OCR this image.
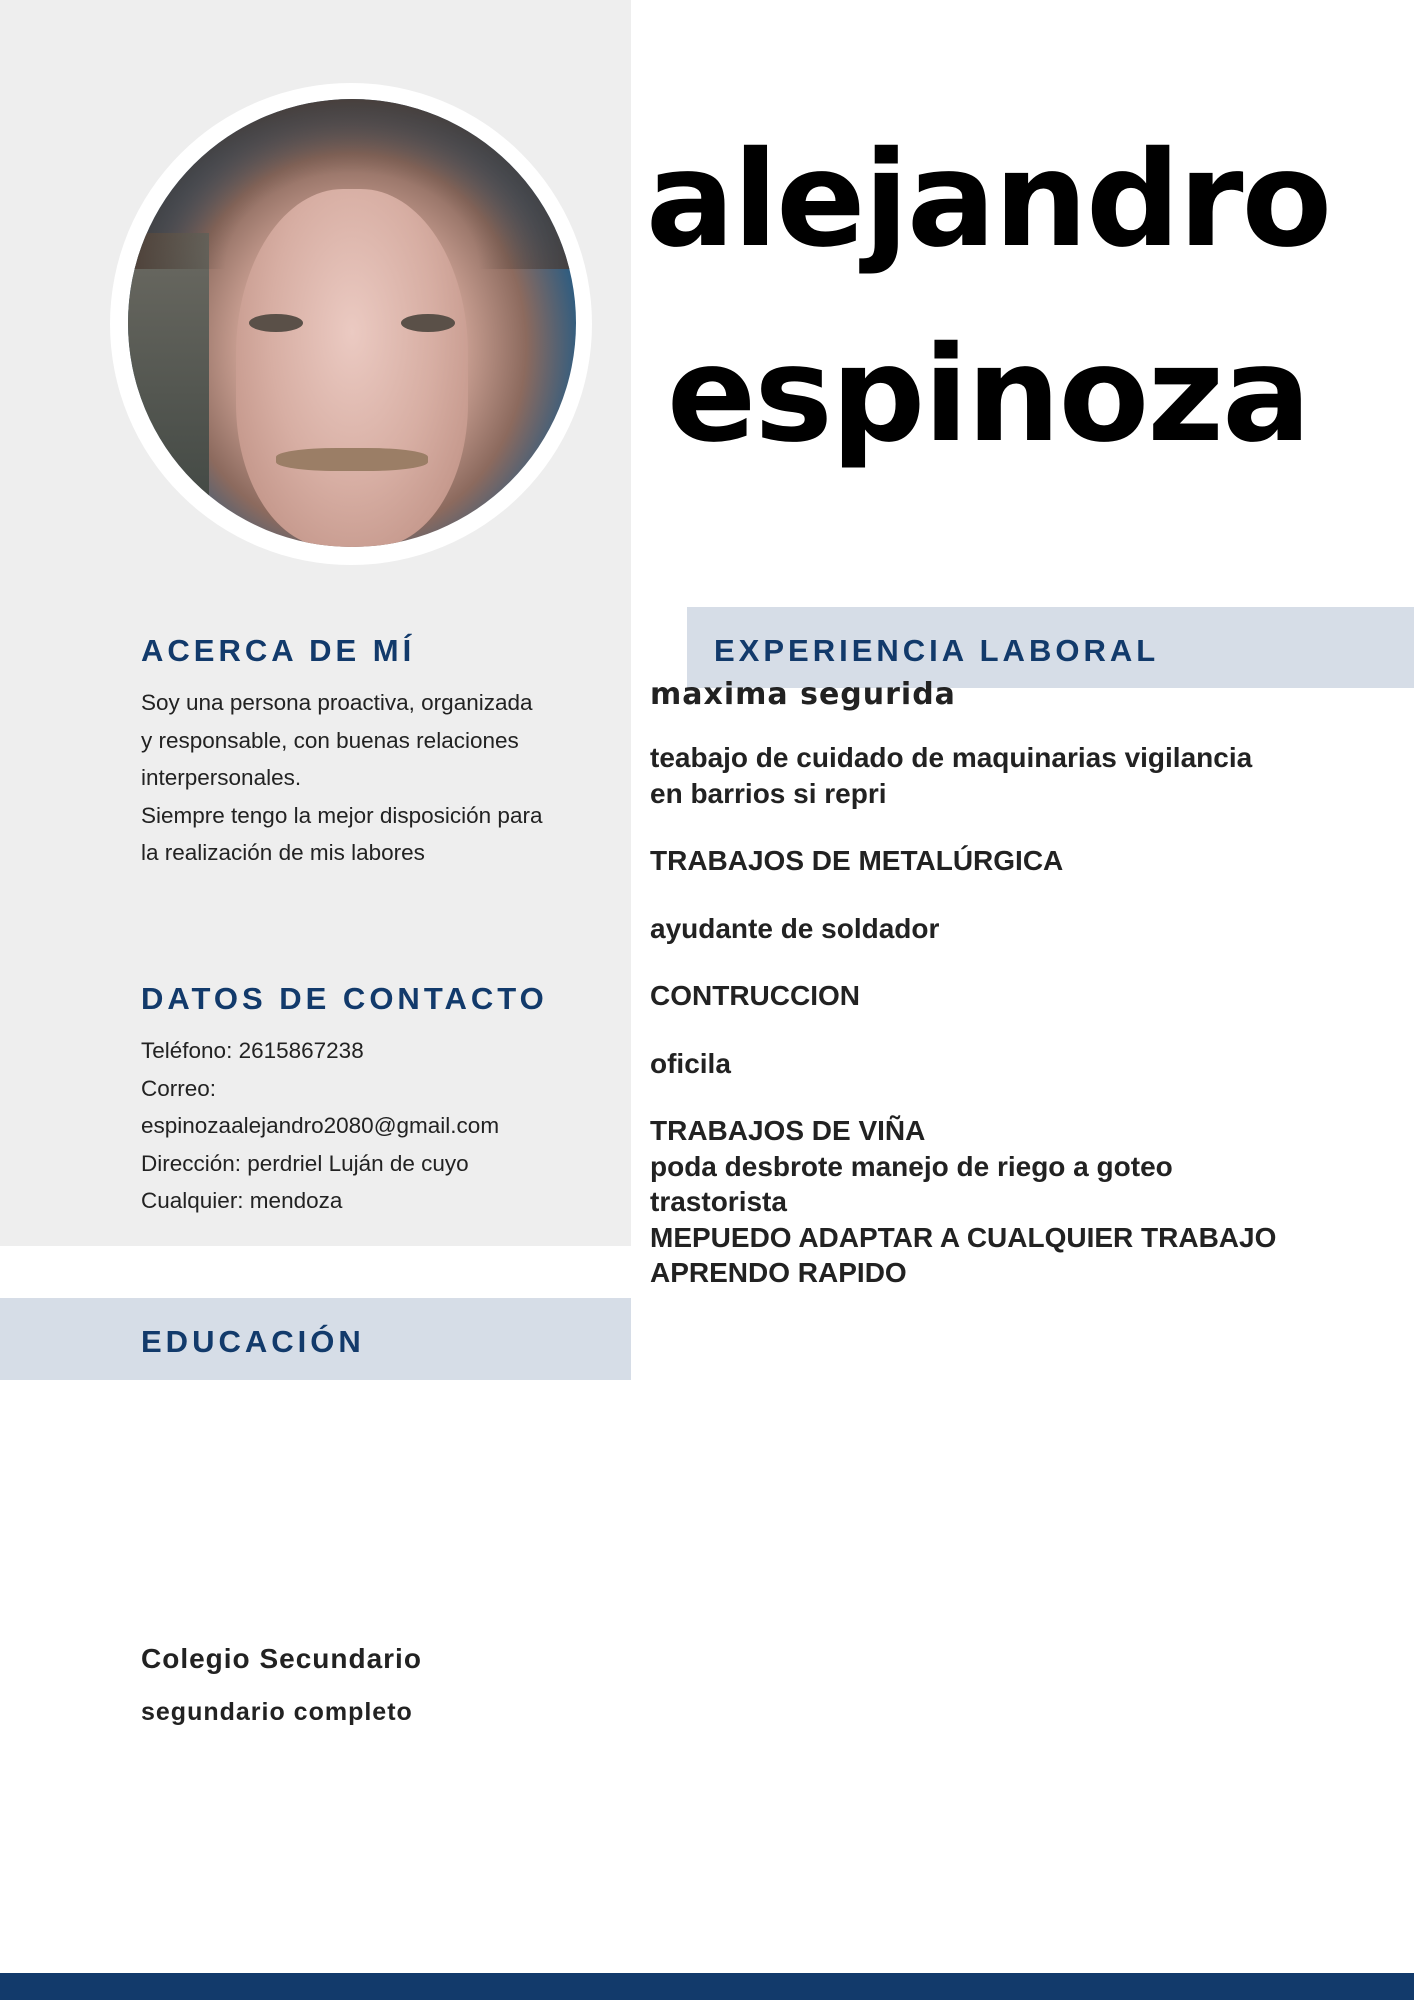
alejandro
espinoza
ACERCA DE MÍ
Soy una persona proactiva, organizada
y responsable, con buenas relaciones
interpersonales.
Siempre tengo la mejor disposición para
la realización de mis labores
DATOS DE CONTACTO
Teléfono: 2615867238
Correo:
espinozaalejandro2080@gmail.com
Dirección: perdriel Luján de cuyo
Cualquier: mendoza
EDUCACIÓN
Colegio Secundario
segundario completo
EXPERIENCIA LABORAL
maxima segurida
teabajo de cuidado de maquinarias vigilancia
en barrios si repri
TRABAJOS DE METALÚRGICA
ayudante de soldador
CONTRUCCION
oficila
TRABAJOS DE VIÑA
poda desbrote manejo de riego a goteo
trastorista
MEPUEDO ADAPTAR A CUALQUIER TRABAJO
APRENDO RAPIDO
